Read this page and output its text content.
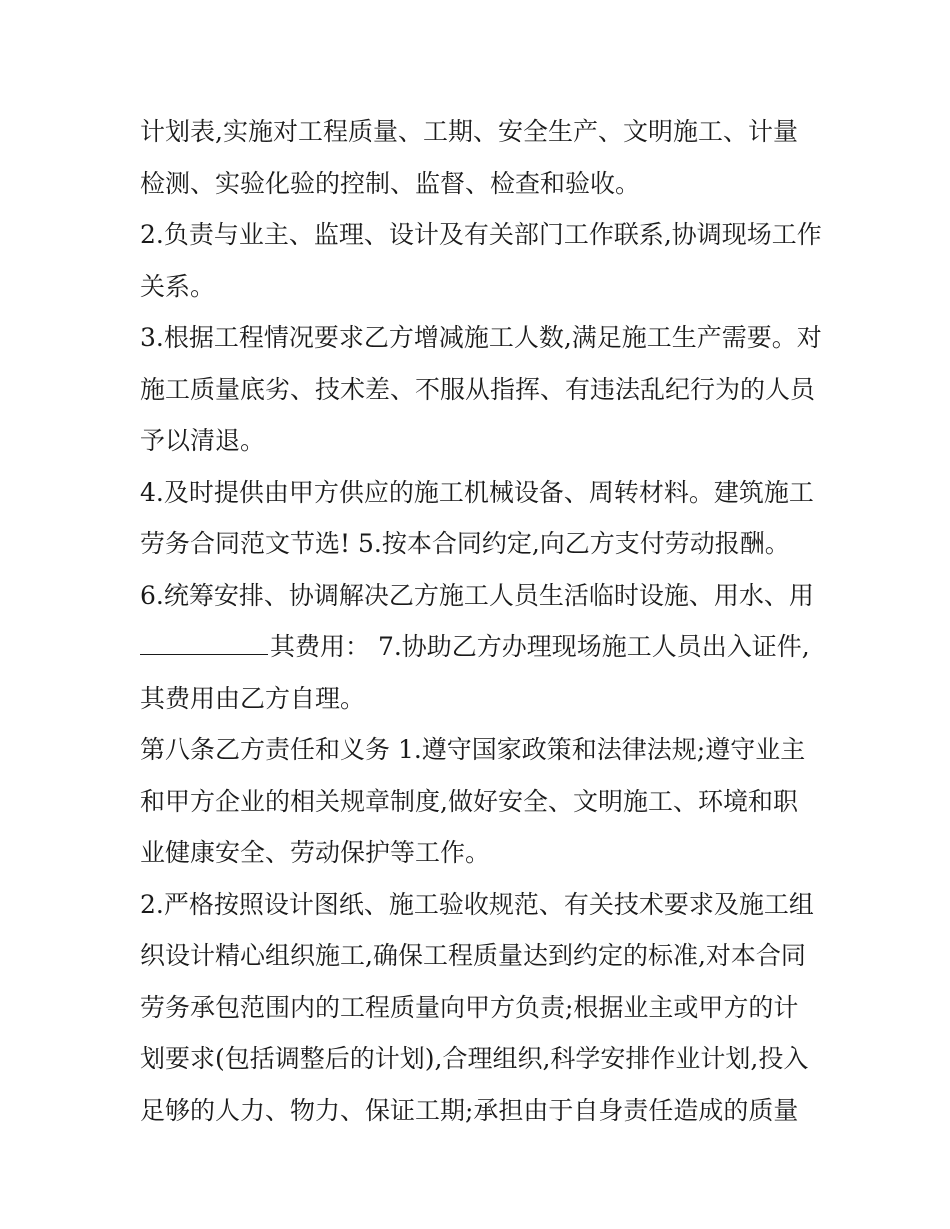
计划表,实施对工程质量、工期、安全生产、文明施工、计量
检测、实验化验的控制、监督、检查和验收。
2.负责与业主、监理、设计及有关部门工作联系,协调现场工作
关系。
3.根据工程情况要求乙方增减施工人数,满足施工生产需要。对
施工质量底劣、技术差、不服从指挥、有违法乱纪行为的人员
予以清退。
4.及时提供由甲方供应的施工机械设备、周转材料。建筑施工
劳务合同范文节选! 5.按本合同约定,向乙方支付劳动报酬。
6.统筹安排、协调解决乙方施工人员生活临时设施、用水、用
其费用： 7.协助乙方办理现场施工人员出入证件,
其费用由乙方自理。
第八条乙方责任和义务 1.遵守国家政策和法律法规;遵守业主
和甲方企业的相关规章制度,做好安全、文明施工、环境和职
业健康安全、劳动保护等工作。
2.严格按照设计图纸、施工验收规范、有关技术要求及施工组
织设计精心组织施工,确保工程质量达到约定的标准,对本合同
劳务承包范围内的工程质量向甲方负责;根据业主或甲方的计
划要求(包括调整后的计划),合理组织,科学安排作业计划,投入
足够的人力、物力、保证工期;承担由于自身责任造成的质量
